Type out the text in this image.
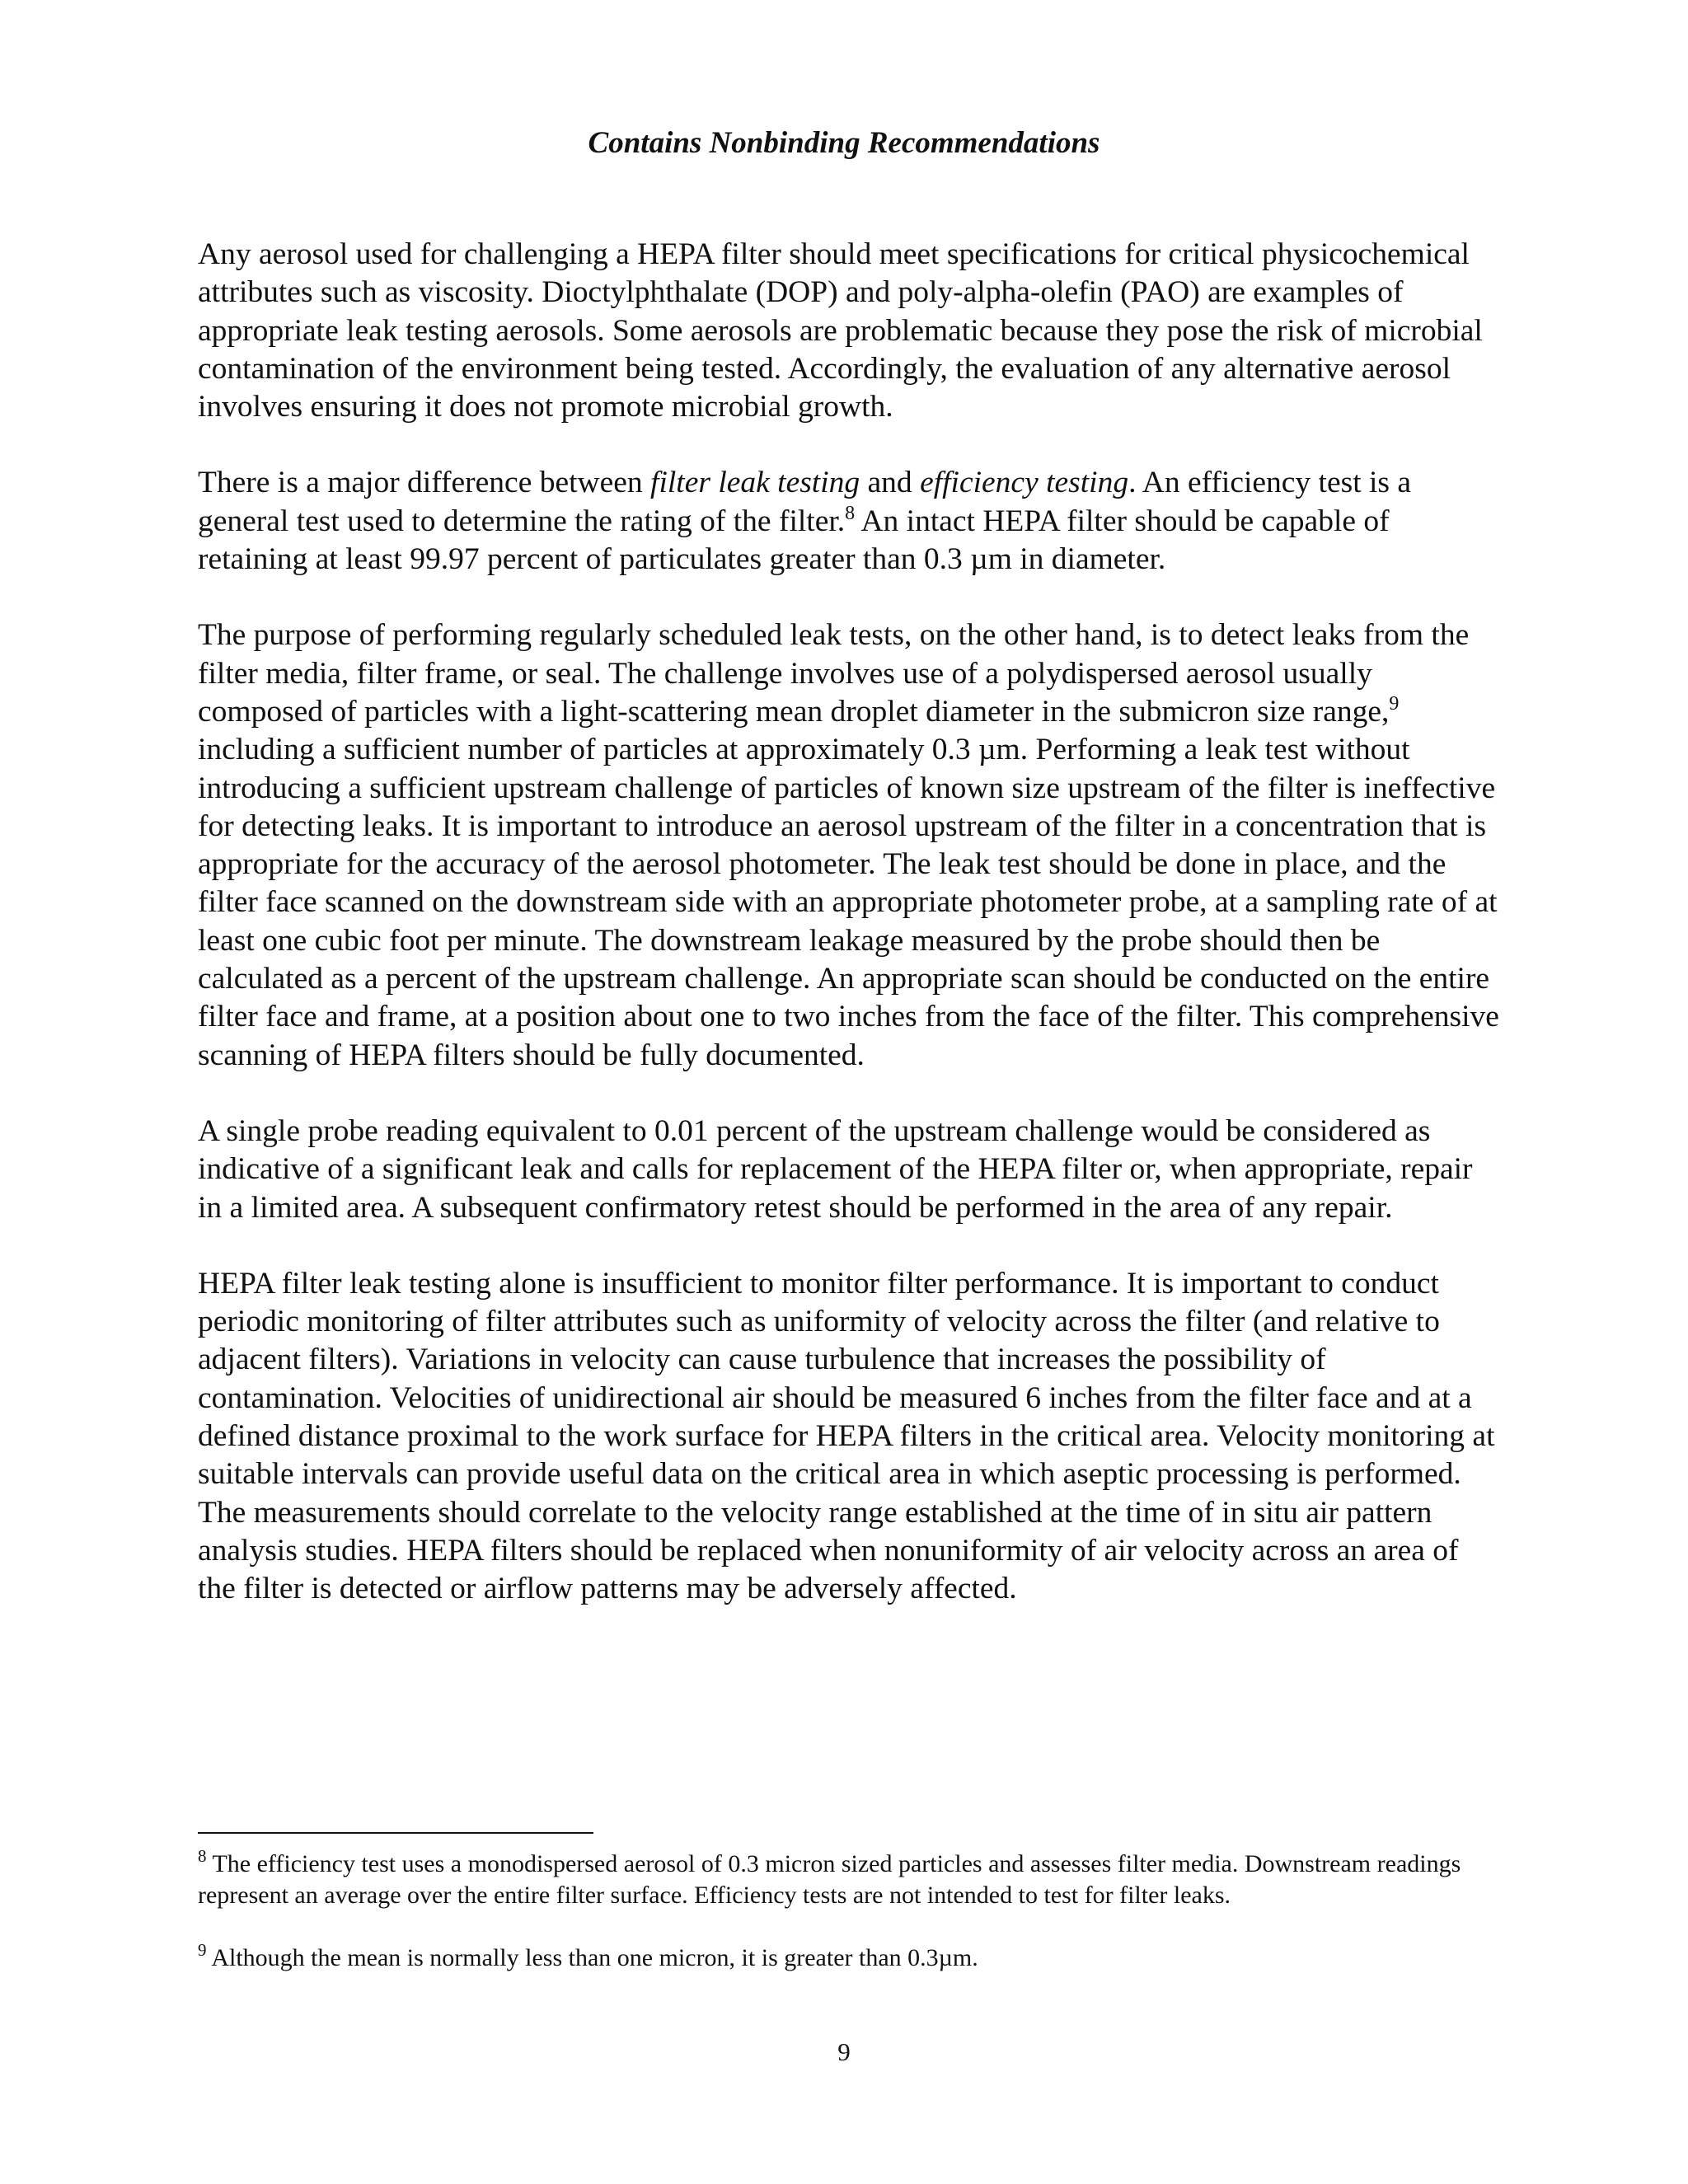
Contains Nonbinding Recommendations

Any aerosol used for challenging a HEPA filter should meet specifications for critical physicochemical attributes such as viscosity. Dioctylphthalate (DOP) and poly-alpha-olefin (PAO) are examples of appropriate leak testing aerosols. Some aerosols are problematic because they pose the risk of microbial contamination of the environment being tested. Accordingly, the evaluation of any alternative aerosol involves ensuring it does not promote microbial growth.

There is a major difference between filter leak testing and efficiency testing. An efficiency test is a general test used to determine the rating of the filter.$^8$ An intact HEPA filter should be capable of retaining at least 99.97 percent of particulates greater than 0.3 µm in diameter.

The purpose of performing regularly scheduled leak tests, on the other hand, is to detect leaks from the filter media, filter frame, or seal. The challenge involves use of a polydispersed aerosol usually composed of particles with a light-scattering mean droplet diameter in the submicron size range,$^9$ including a sufficient number of particles at approximately 0.3 µm. Performing a leak test without introducing a sufficient upstream challenge of particles of known size upstream of the filter is ineffective for detecting leaks. It is important to introduce an aerosol upstream of the filter in a concentration that is appropriate for the accuracy of the aerosol photometer. The leak test should be done in place, and the filter face scanned on the downstream side with an appropriate photometer probe, at a sampling rate of at least one cubic foot per minute. The downstream leakage measured by the probe should then be calculated as a percent of the upstream challenge. An appropriate scan should be conducted on the entire filter face and frame, at a position about one to two inches from the face of the filter. This comprehensive scanning of HEPA filters should be fully documented.

A single probe reading equivalent to 0.01 percent of the upstream challenge would be considered as indicative of a significant leak and calls for replacement of the HEPA filter or, when appropriate, repair in a limited area. A subsequent confirmatory retest should be performed in the area of any repair.

HEPA filter leak testing alone is insufficient to monitor filter performance. It is important to conduct periodic monitoring of filter attributes such as uniformity of velocity across the filter (and relative to adjacent filters). Variations in velocity can cause turbulence that increases the possibility of contamination. Velocities of unidirectional air should be measured 6 inches from the filter face and at a defined distance proximal to the work surface for HEPA filters in the critical area. Velocity monitoring at suitable intervals can provide useful data on the critical area in which aseptic processing is performed. The measurements should correlate to the velocity range established at the time of in situ air pattern analysis studies. HEPA filters should be replaced when nonuniformity of air velocity across an area of the filter is detected or airflow patterns may be adversely affected.

$^8$ The efficiency test uses a monodispersed aerosol of 0.3 micron sized particles and assesses filter media. Downstream readings represent an average over the entire filter surface. Efficiency tests are not intended to test for filter leaks.

$^9$ Although the mean is normally less than one micron, it is greater than 0.3µm.

9
